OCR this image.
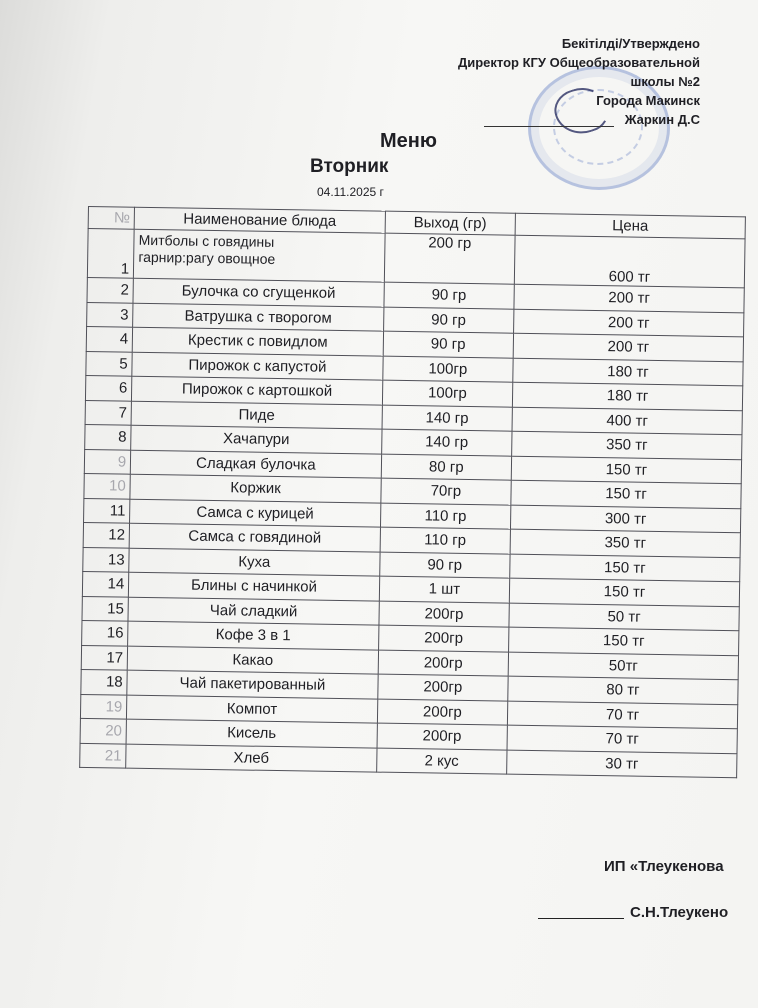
Бекітілді/Утверждено
Директор КГУ Общеобразовательной
школы №2
Города Макинск
Жаркин Д.С
Меню
Вторник
04.11.2025 г
№	Наименование блюда	Выход (гр)	Цена
1	Митболы с говядины
гарнир:рагу овощное	200 гр	600 тг
2	Булочка со сгущенкой	90 гр	200 тг
3	Ватрушка с творогом	90 гр	200 тг
4	Крестик с повидлом	90 гр	200 тг
5	Пирожок с капустой	100гр	180 тг
6	Пирожок с картошкой	100гр	180 тг
7	Пиде	140 гр	400 тг
8	Хачапури	140 гр	350 тг
9	Сладкая булочка	80 гр	150 тг
10	Коржик	70гр	150 тг
11	Самса с курицей	110 гр	300 тг
12	Самса с говядиной	110 гр	350 тг
13	Куха	90 гр	150 тг
14	Блины с начинкой	1 шт	150 тг
15	Чай сладкий	200гр	50 тг
16	Кофе 3 в 1	200гр	150 тг
17	Какао	200гр	50тг
18	Чай пакетированный	200гр	80 тг
19	Компот	200гр	70 тг
20	Кисель	200гр	70 тг
21	Хлеб	2 кус	30 тг
ИП «Тлеукенова
С.Н.Тлеукено
